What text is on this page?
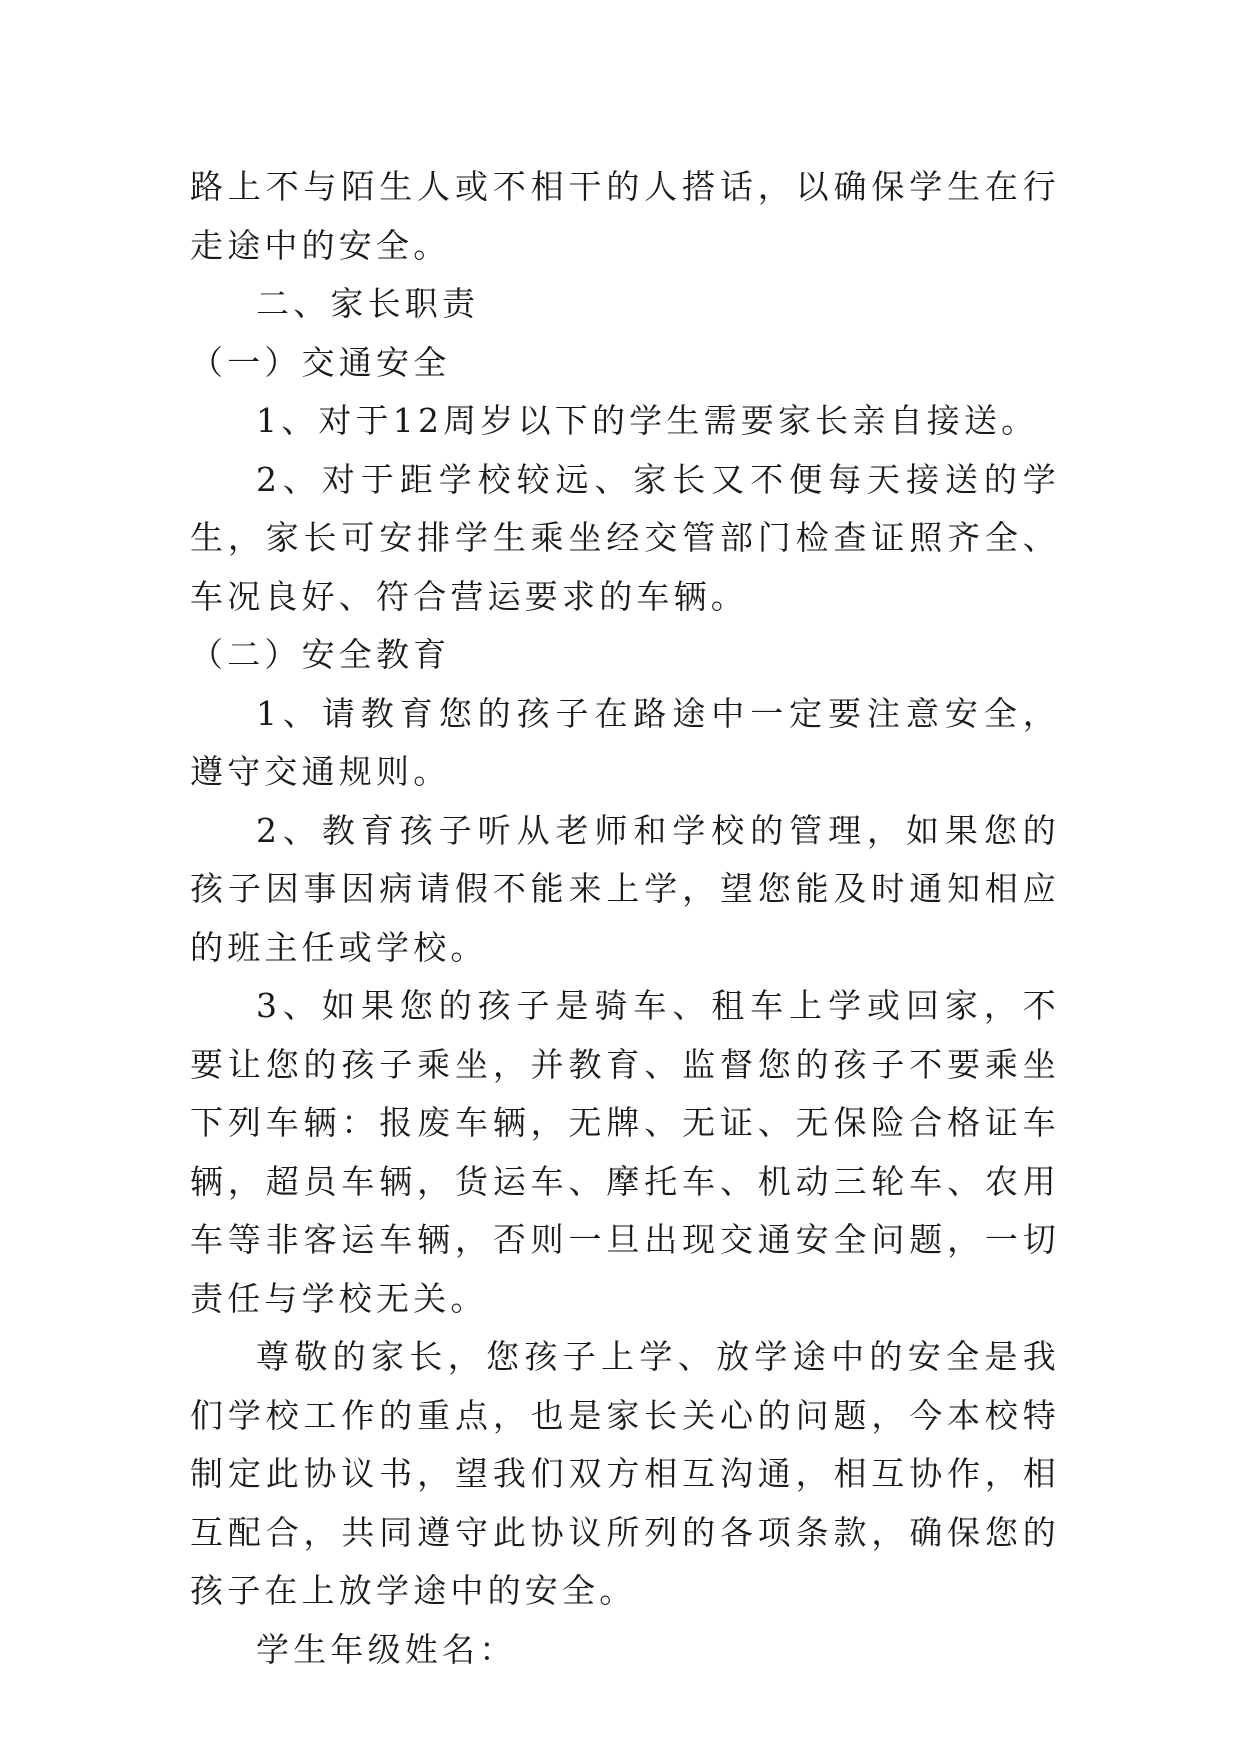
路上不与陌生人或不相干的人搭话，以确保学生在行走途中的安全。

二、家长职责

（一）交通安全

1、对于12周岁以下的学生需要家长亲自接送。

2、对于距学校较远、家长又不便每天接送的学生，家长可安排学生乘坐经交管部门检查证照齐全、车况良好、符合营运要求的车辆。

（二）安全教育

1、请教育您的孩子在路途中一定要注意安全，遵守交通规则。

2、教育孩子听从老师和学校的管理，如果您的孩子因事因病请假不能来上学，望您能及时通知相应的班主任或学校。

3、如果您的孩子是骑车、租车上学或回家，不要让您的孩子乘坐，并教育、监督您的孩子不要乘坐下列车辆：报废车辆，无牌、无证、无保险合格证车辆，超员车辆，货运车、摩托车、机动三轮车、农用车等非客运车辆，否则一旦出现交通安全问题，一切责任与学校无关。

尊敬的家长，您孩子上学、放学途中的安全是我们学校工作的重点，也是家长关心的问题，今本校特制定此协议书，望我们双方相互沟通，相互协作，相互配合，共同遵守此协议所列的各项条款，确保您的孩子在上放学途中的安全。

学生年级姓名：
